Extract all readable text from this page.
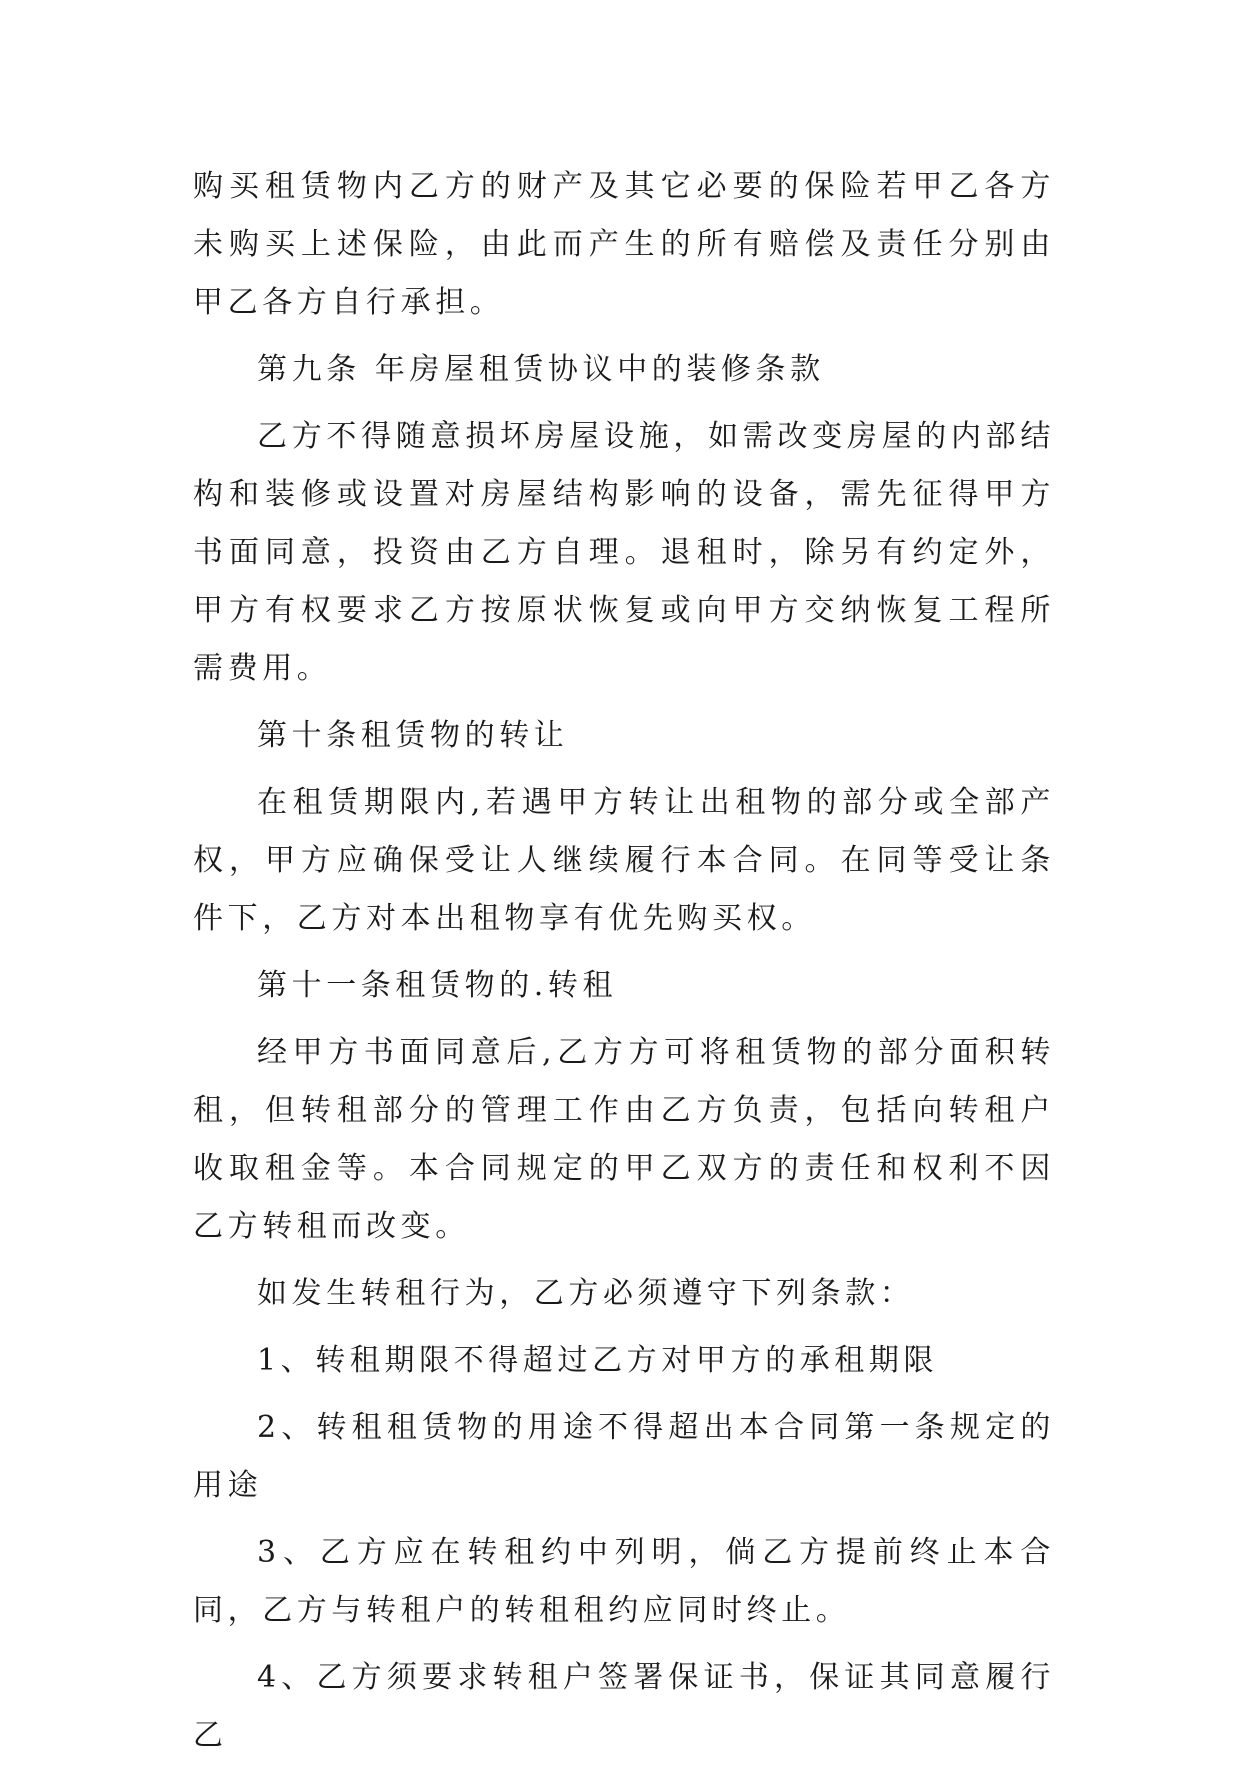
购买租赁物内乙方的财产及其它必要的保险若甲乙各方未购买上述保险，由此而产生的所有赔偿及责任分别由甲乙各方自行承担。

第九条 年房屋租赁协议中的装修条款

乙方不得随意损坏房屋设施，如需改变房屋的内部结构和装修或设置对房屋结构影响的设备，需先征得甲方书面同意，投资由乙方自理。退租时，除另有约定外，甲方有权要求乙方按原状恢复或向甲方交纳恢复工程所需费用。

第十条租赁物的转让

在租赁期限内,若遇甲方转让出租物的部分或全部产权，甲方应确保受让人继续履行本合同。在同等受让条件下，乙方对本出租物享有优先购买权。

第十一条租赁物的.转租

经甲方书面同意后,乙方方可将租赁物的部分面积转租，但转租部分的管理工作由乙方负责，包括向转租户收取租金等。本合同规定的甲乙双方的责任和权利不因乙方转租而改变。

如发生转租行为，乙方必须遵守下列条款：

1、转租期限不得超过乙方对甲方的承租期限

2、转租租赁物的用途不得超出本合同第一条规定的用途

3、乙方应在转租约中列明，倘乙方提前终止本合同，乙方与转租户的转租租约应同时终止。

4、乙方须要求转租户签署保证书，保证其同意履行乙
